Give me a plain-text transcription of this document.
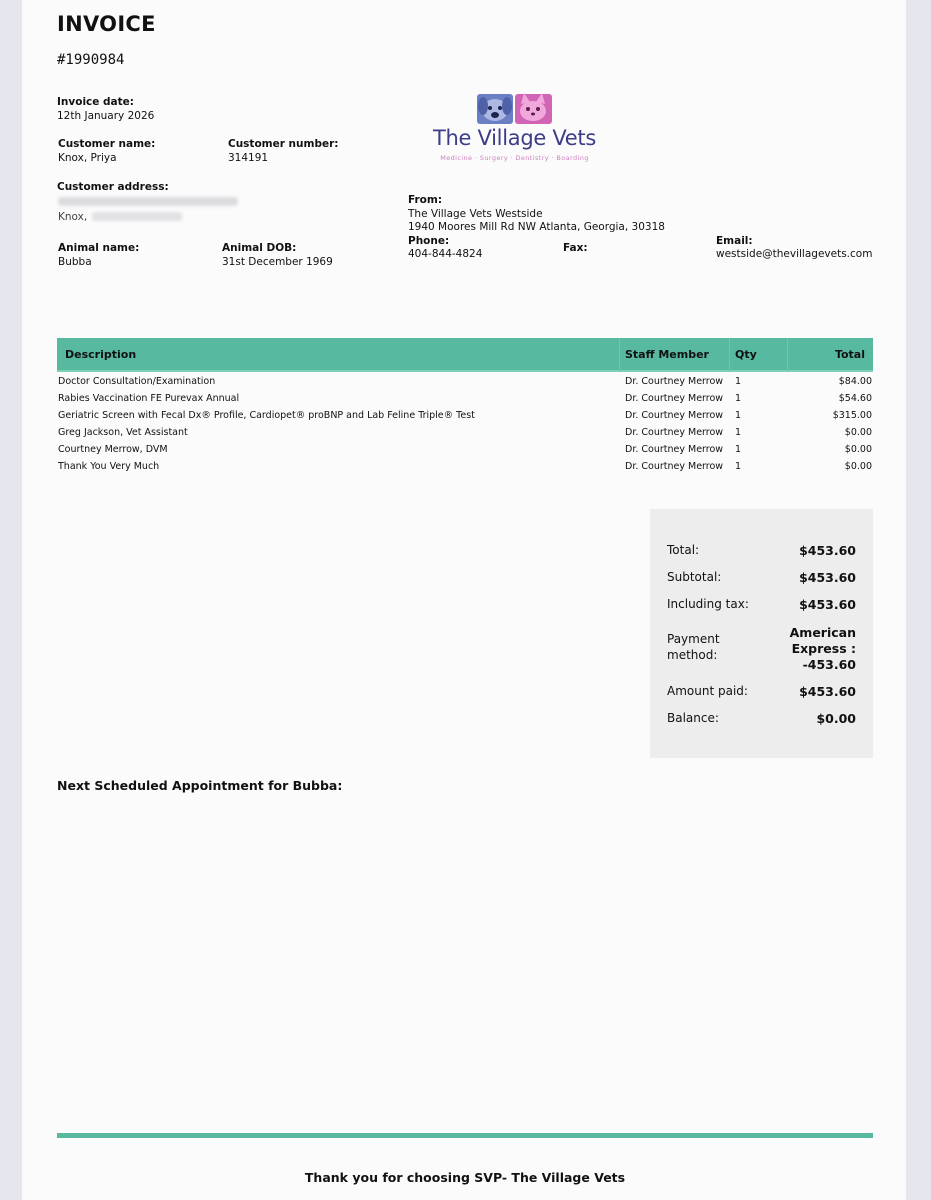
INVOICE
#1990984
Invoice date:
12th January 2026
Customer name:
Knox, Priya
Customer number:
314191
Customer address:
Knox,
Animal name:
Bubba
Animal DOB:
31st December 1969
The Village Vets
Medicine · Surgery · Dentistry · Boarding
From:
The Village Vets Westside
1940 Moores Mill Rd NW Atlanta, Georgia, 30318
Phone:
404-844-4824	Fax:
Email:
westside@thevillagevets.com
Description	Staff Member Qty	Total
Doctor Consultation/Examination	Dr. Courtney Merrow 1	$84.00
Rabies Vaccination FE Purevax Annual	Dr. Courtney Merrow 1	$54.60
Geriatric Screen with Fecal Dx® Profile, Cardiopet® proBNP and Lab Feline Triple® Test	Dr. Courtney Merrow 1	$315.00
Greg Jackson, Vet Assistant	Dr. Courtney Merrow 1	$0.00
Courtney Merrow, DVM	Dr. Courtney Merrow 1	$0.00
Thank You Very Much	Dr. Courtney Merrow 1	$0.00
Total:	$453.60
Subtotal:	$453.60
Including tax:	$453.60
Payment
method:
American
Express :
-453.60
Amount paid:	$453.60
Balance:	$0.00
Next Scheduled Appointment for Bubba:
Thank you for choosing SVP- The Village Vets
